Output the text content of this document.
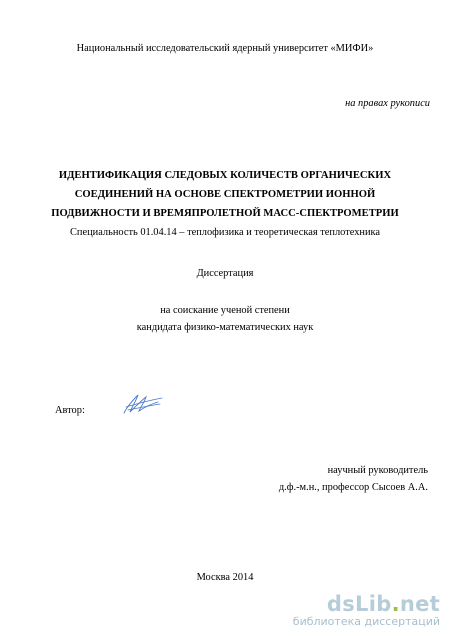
Национальный исследовательский ядерный университет «МИФИ»
на правах рукописи
ИДЕНТИФИКАЦИЯ СЛЕДОВЫХ КОЛИЧЕСТВ ОРГАНИЧЕСКИХ
СОЕДИНЕНИЙ НА ОСНОВЕ СПЕКТРОМЕТРИИ ИОННОЙ
ПОДВИЖНОСТИ И ВРЕМЯПРОЛЕТНОЙ МАСС-СПЕКТРОМЕТРИИ
Специальность 01.04.14 – теплофизика и теоретическая теплотехника
Диссертация
на соискание ученой степени
кандидата физико-математических наук
Автор:
научный руководитель
д.ф.-м.н., профессор Сысоев А.А.
Москва 2014
dsLib.net
библиотека диссертаций
